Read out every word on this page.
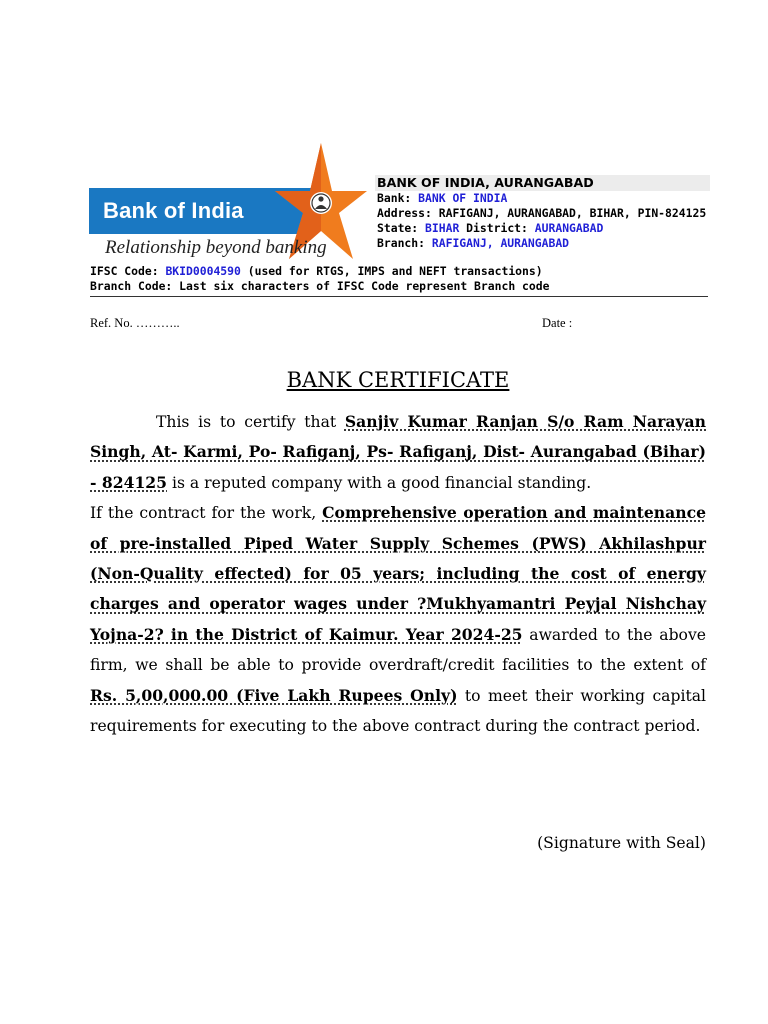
Bank of India
Relationship beyond banking
BANK OF INDIA, AURANGABAD
Bank: BANK OF INDIA
Address: RAFIGANJ, AURANGABAD, BIHAR, PIN-824125
State: BIHAR District: AURANGABAD
Branch: RAFIGANJ, AURANGABAD
IFSC Code: BKID0004590 (used for RTGS, IMPS and NEFT transactions)
Branch Code: Last six characters of IFSC Code represent Branch code
Ref. No. ………..	Date :
BANK CERTIFICATE

This is to certify that Sanjiv Kumar Ranjan S/o Ram Narayan Singh, At- Karmi, Po- Rafiganj, Ps- Rafiganj, Dist- Aurangabad (Bihar) - 824125 is a reputed company with a good financial standing.

If the contract for the work, Comprehensive operation and maintenance of pre-installed Piped Water Supply Schemes (PWS) Akhilashpur (Non-Quality effected) for 05 years; including the cost of energy charges and operator wages under ?Mukhyamantri Peyjal Nishchay Yojna-2? in the District of Kaimur. Year 2024-25 awarded to the above firm, we shall be able to provide overdraft/credit facilities to the extent of Rs. 5,00,000.00 (Five Lakh Rupees Only) to meet their working capital requirements for executing to the above contract during the contract period.

(Signature with Seal)
